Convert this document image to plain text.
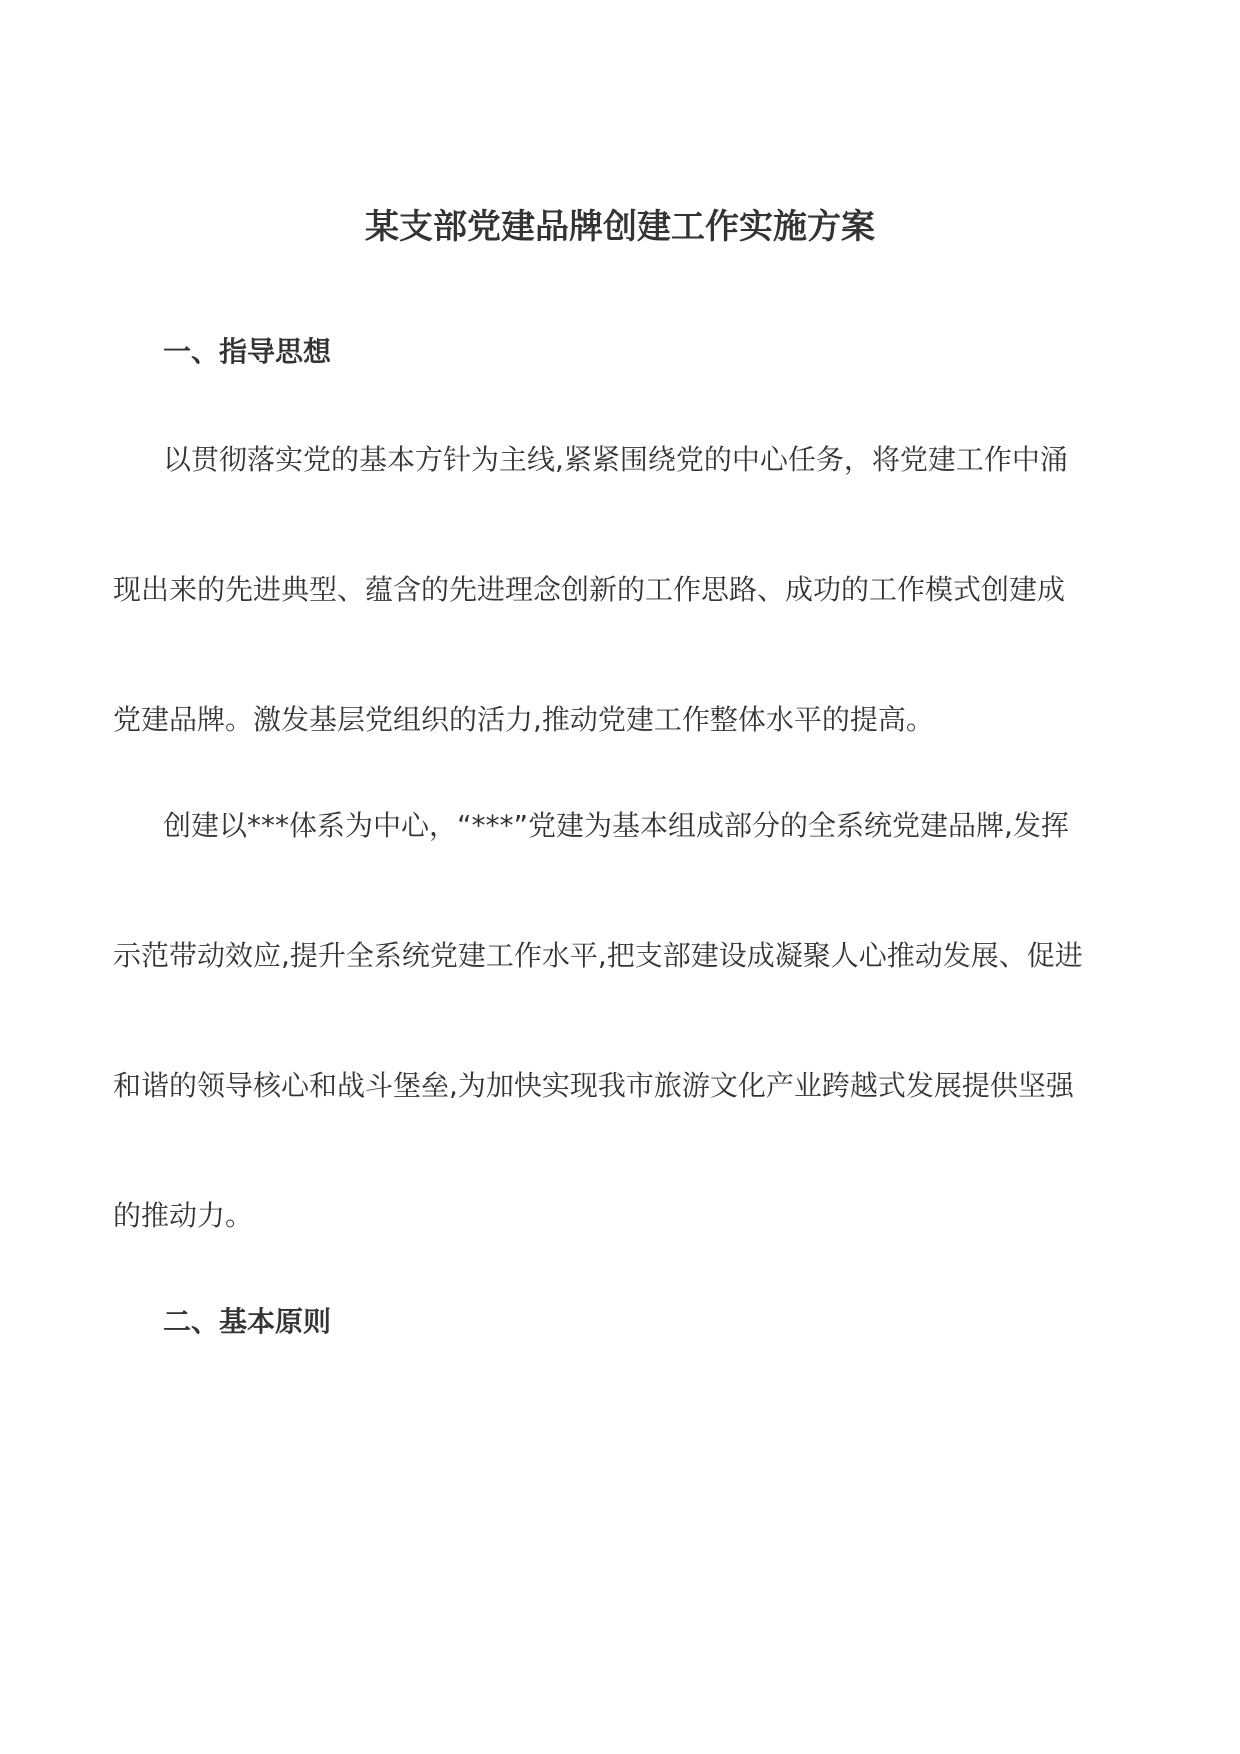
某支部党建品牌创建工作实施方案
一、指导思想

以贯彻落实党的基本方针为主线,紧紧围绕党的中心任务，将党建工作中涌

现出来的先进典型、蕴含的先进理念创新的工作思路、成功的工作模式创建成

党建品牌。激发基层党组织的活力,推动党建工作整体水平的提高。

创建以***体系为中心，“***”党建为基本组成部分的全系统党建品牌,发挥

示范带动效应,提升全系统党建工作水平,把支部建设成凝聚人心推动发展、促进

和谐的领导核心和战斗堡垒,为加快实现我市旅游文化产业跨越式发展提供坚强

的推动力。

二、基本原则
